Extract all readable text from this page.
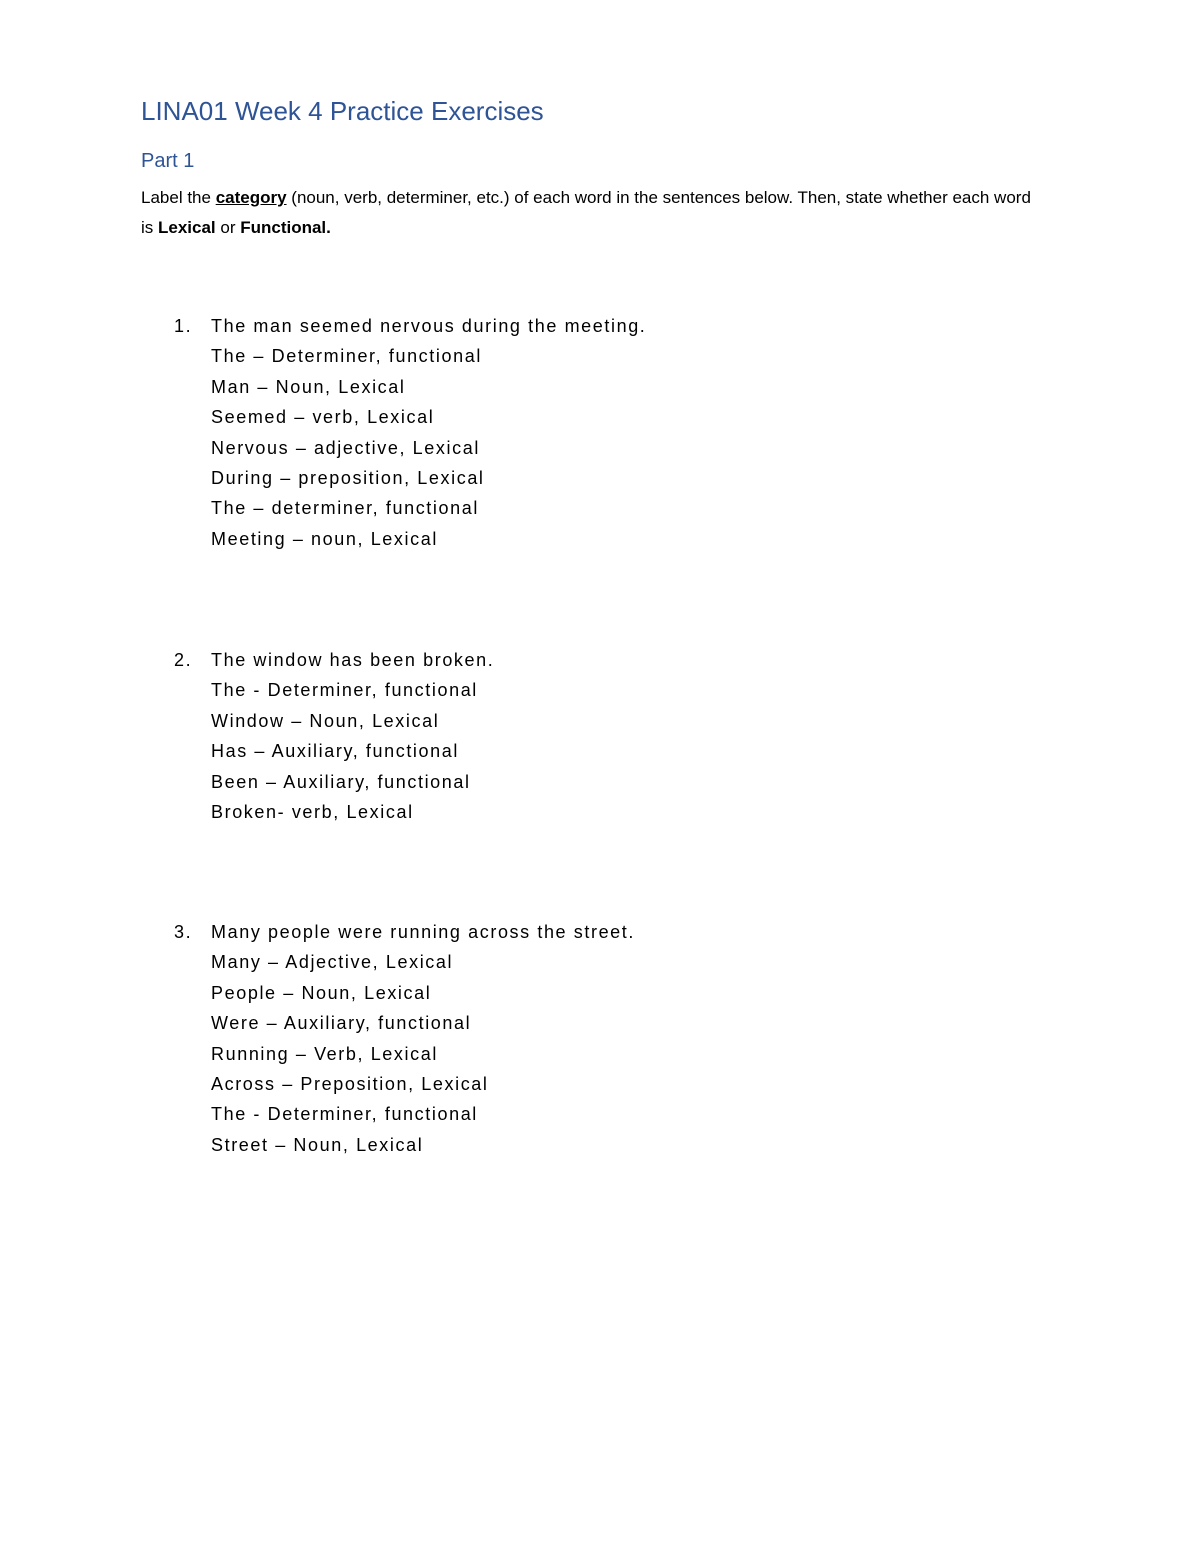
LINA01 Week 4 Practice Exercises
Part 1
Label the category (noun, verb, determiner, etc.) of each word in the sentences below. Then, state whether each word is Lexical or Functional.
1.	The man seemed nervous during the meeting.
The – Determiner, functional
Man – Noun, Lexical
Seemed – verb, Lexical
Nervous – adjective, Lexical
During – preposition, Lexical
The – determiner, functional
Meeting – noun, Lexical
2.	The window has been broken.
The - Determiner, functional
Window – Noun, Lexical
Has – Auxiliary, functional
Been – Auxiliary, functional
Broken- verb, Lexical
3.	Many people were running across the street.
Many – Adjective, Lexical
People – Noun, Lexical
Were – Auxiliary, functional
Running – Verb, Lexical
Across – Preposition, Lexical
The - Determiner, functional
Street – Noun, Lexical
